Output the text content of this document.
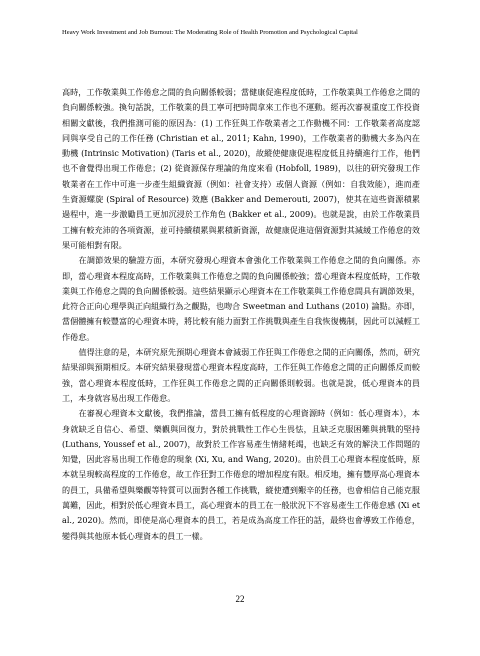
Heavy Work Investment and Job Burnout: The Moderating Role of Health Promotion and Psychological Capital

高時，工作敬業與工作倦怠之間的負向關係較弱；當健康促進程度低時，工作敬業與工作倦怠之間的負向關係較強。換句話說，工作敬業的員工寧可把時間拿來工作也不運動。經再次審視重度工作投資相關文獻後，我們推測可能的原因為：(1) 工作狂與工作敬業者之工作動機不同：工作敬業者高度認同與享受自己的工作任務 (Christian et al., 2011; Kahn, 1990)，工作敬業者的動機大多為內在動機 (Intrinsic Motivation) (Taris et al., 2020)，故縱使健康促進程度低且持續進行工作，他們也不會覺得出現工作倦怠；(2) 從資源保存理論的角度來看 (Hobfoll, 1989)，以往的研究發現工作敬業者在工作中可進一步產生組織資源（例如：社會支持）或個人資源（例如：自我效能），進而產生資源螺旋 (Spiral of Resource) 效應 (Bakker and Demerouti, 2007)，使其在這些資源積累過程中，進一步激勵員工更加沉浸於工作角色 (Bakker et al., 2009)。也就是說，由於工作敬業員工擁有較充沛的各項資源，並可持續積累與累積新資源，故健康促進這個資源對其減緩工作倦怠的效果可能相對有限。

在調節效果的驗證方面，本研究發現心理資本會強化工作敬業與工作倦怠之間的負向關係。亦即，當心理資本程度高時，工作敬業與工作倦怠之間的負向關係較強；當心理資本程度低時，工作敬業與工作倦怠之間的負向關係較弱。這些結果顯示心理資本在工作敬業與工作倦怠間具有調節效果，此符合正向心理學與正向組織行為之觀點，也吻合 Sweetman and Luthans (2010) 論點。亦即，當個體擁有較豐富的心理資本時，將比較有能力面對工作挑戰與產生自我恢復機制，因此可以減輕工作倦怠。

值得注意的是，本研究原先預期心理資本會減弱工作狂與工作倦怠之間的正向關係，然而，研究結果卻與預期相反。本研究結果發現當心理資本程度高時，工作狂與工作倦怠之間的正向關係反而較強，當心理資本程度低時，工作狂與工作倦怠之間的正向關係則較弱。也就是說，低心理資本的員工，本身就容易出現工作倦怠。

在審視心理資本文獻後，我們推論，當員工擁有低程度的心理資源時（例如：低心理資本），本身就缺乏自信心、希望、樂觀與回復力，對於挑戰性工作心生畏怯，且缺乏克服困難與挑戰的堅持 (Luthans, Youssef et al., 2007)，故對於工作容易產生情緒耗竭，也缺乏有效的解決工作問題的知覺，因此容易出現工作倦怠的現象 (Xi, Xu, and Wang, 2020)。由於員工心理資本程度低時，原本就呈現較高程度的工作倦怠，故工作狂對工作倦怠的增加程度有限。相反地，擁有豐厚高心理資本的員工，具備希望與樂觀等特質可以面對各種工作挑戰，縱使遭到艱辛的任務，也會相信自己能克服萬難，因此，相對於低心理資本員工，高心理資本的員工在一般狀況下不容易產生工作倦怠感 (Xi et al., 2020)。然而，即使是高心理資本的員工，若是成為高度工作狂的話，最終也會導致工作倦怠，變得與其他原本低心理資本的員工一樣。

22
